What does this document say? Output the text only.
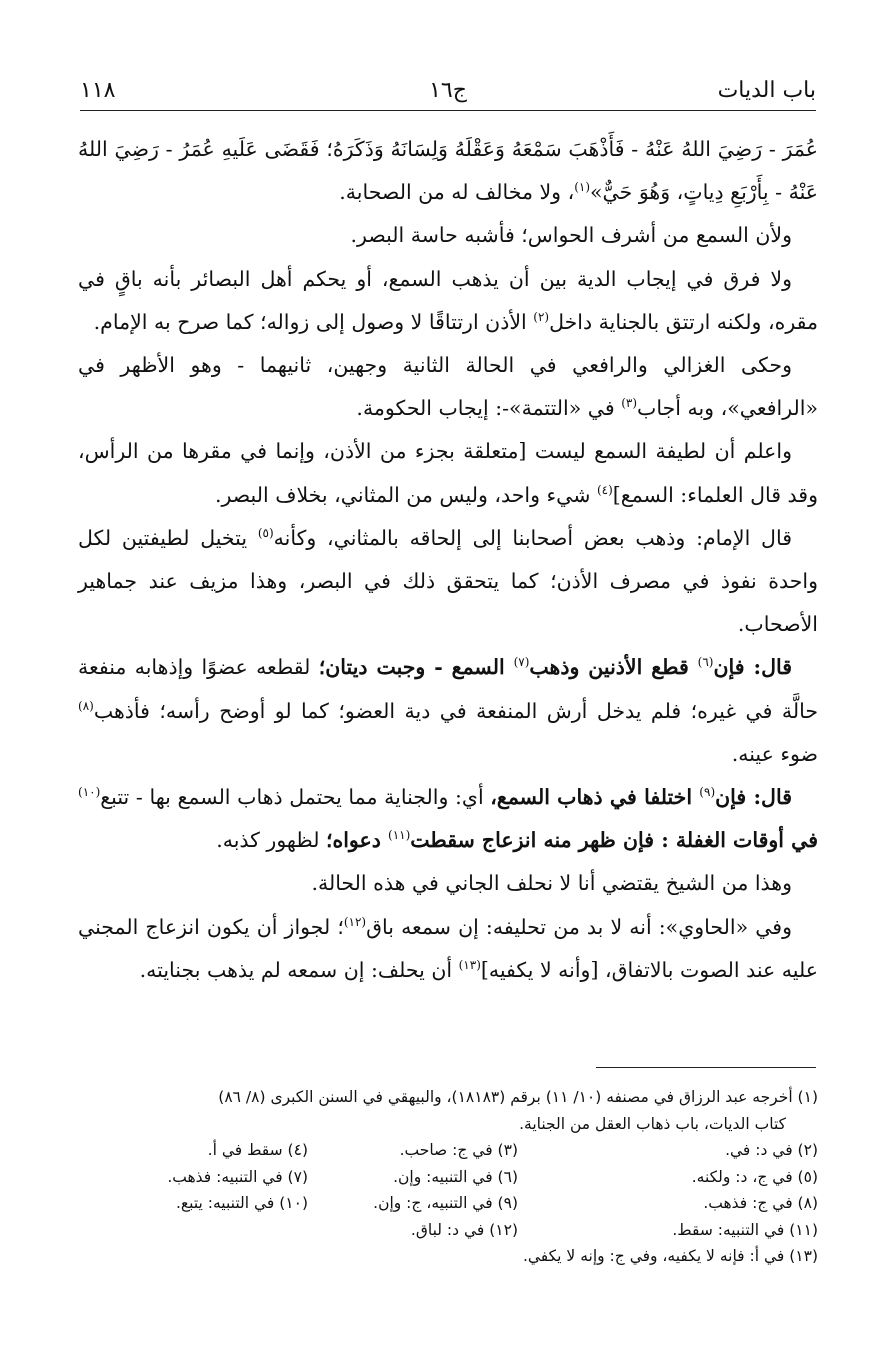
باب الديات
ج١٦
١١٨

عُمَرَ - رَضِيَ اللهُ عَنْهُ - فَأَذْهَبَ سَمْعَهُ وَعَقْلَهُ وَلِسَانَهُ وَذَكَرَهُ؛ فَقَضَى عَلَيهِ عُمَرُ - رَضِيَ اللهُ عَنْهُ - بِأَرْبَعِ دِياتٍ، وَهُوَ حَيٌّ»$^{(١)}$، ولا مخالف له من الصحابة.

ولأن السمع من أشرف الحواس؛ فأشبه حاسة البصر.

ولا فرق في إيجاب الدية بين أن يذهب السمع، أو يحكم أهل البصائر بأنه باقٍ في مقره، ولكنه ارتتق بالجناية داخل$^{(٢)}$ الأذن ارتتاقًا لا وصول إلى زواله؛ كما صرح به الإمام.

وحكى الغزالي والرافعي في الحالة الثانية وجهين، ثانيهما - وهو الأظهر في «الرافعي»، وبه أجاب$^{(٣)}$ في «التتمة»-: إيجاب الحكومة.

واعلم أن لطيفة السمع ليست [متعلقة بجزء من الأذن، وإنما في مقرها من الرأس، وقد قال العلماء: السمع]$^{(٤)}$ شيء واحد، وليس من المثاني، بخلاف البصر.

قال الإمام: وذهب بعض أصحابنا إلى إلحاقه بالمثاني، وكأنه$^{(٥)}$ يتخيل لطيفتين لكل واحدة نفوذ في مصرف الأذن؛ كما يتحقق ذلك في البصر، وهذا مزيف عند جماهير الأصحاب.

قال: فإن$^{(٦)}$ قطع الأذنين وذهب$^{(٧)}$ السمع - وجبت ديتان؛ لقطعه عضوًا وإذهابه منفعة حالَّة في غيره؛ فلم يدخل أرش المنفعة في دية العضو؛ كما لو أوضح رأسه؛ فأذهب$^{(٨)}$ ضوء عينه.

قال: فإن$^{(٩)}$ اختلفا في ذهاب السمع، أي: والجناية مما يحتمل ذهاب السمع بها - تتبع$^{(١٠)}$ في أوقات الغفلة : فإن ظهر منه انزعاج سقطت$^{(١١)}$ دعواه؛ لظهور كذبه.

وهذا من الشيخ يقتضي أنا لا نحلف الجاني في هذه الحالة.

وفي «الحاوي»: أنه لا بد من تحليفه: إن سمعه باق$^{(١٢)}$؛ لجواز أن يكون انزعاج المجني عليه عند الصوت بالاتفاق، [وأنه لا يكفيه]$^{(١٣)}$ أن يحلف: إن سمعه لم يذهب بجنايته.

(١) أخرجه عبد الرزاق في مصنفه (١٠/ ١١) برقم (١٨١٨٣)، والبيهقي في السنن الكبرى (٨/ ٨٦)
كتاب الديات، باب ذهاب العقل من الجناية.
(٢) في د: في.
(٣) في ج: صاحب.
(٤) سقط في أ.
(٥) في ج، د: ولكنه.
(٦) في التنبيه: وإن.
(٧) في التنبيه: فذهب.
(٨) في ج: فذهب.
(٩) في التنبيه، ج: وإن.
(١٠) في التنبيه: يتبع.
(١١) في التنبيه: سقط.
(١٢) في د: لباق.
(١٣) في أ: فإنه لا يكفيه، وفي ج: وإنه لا يكفي.
